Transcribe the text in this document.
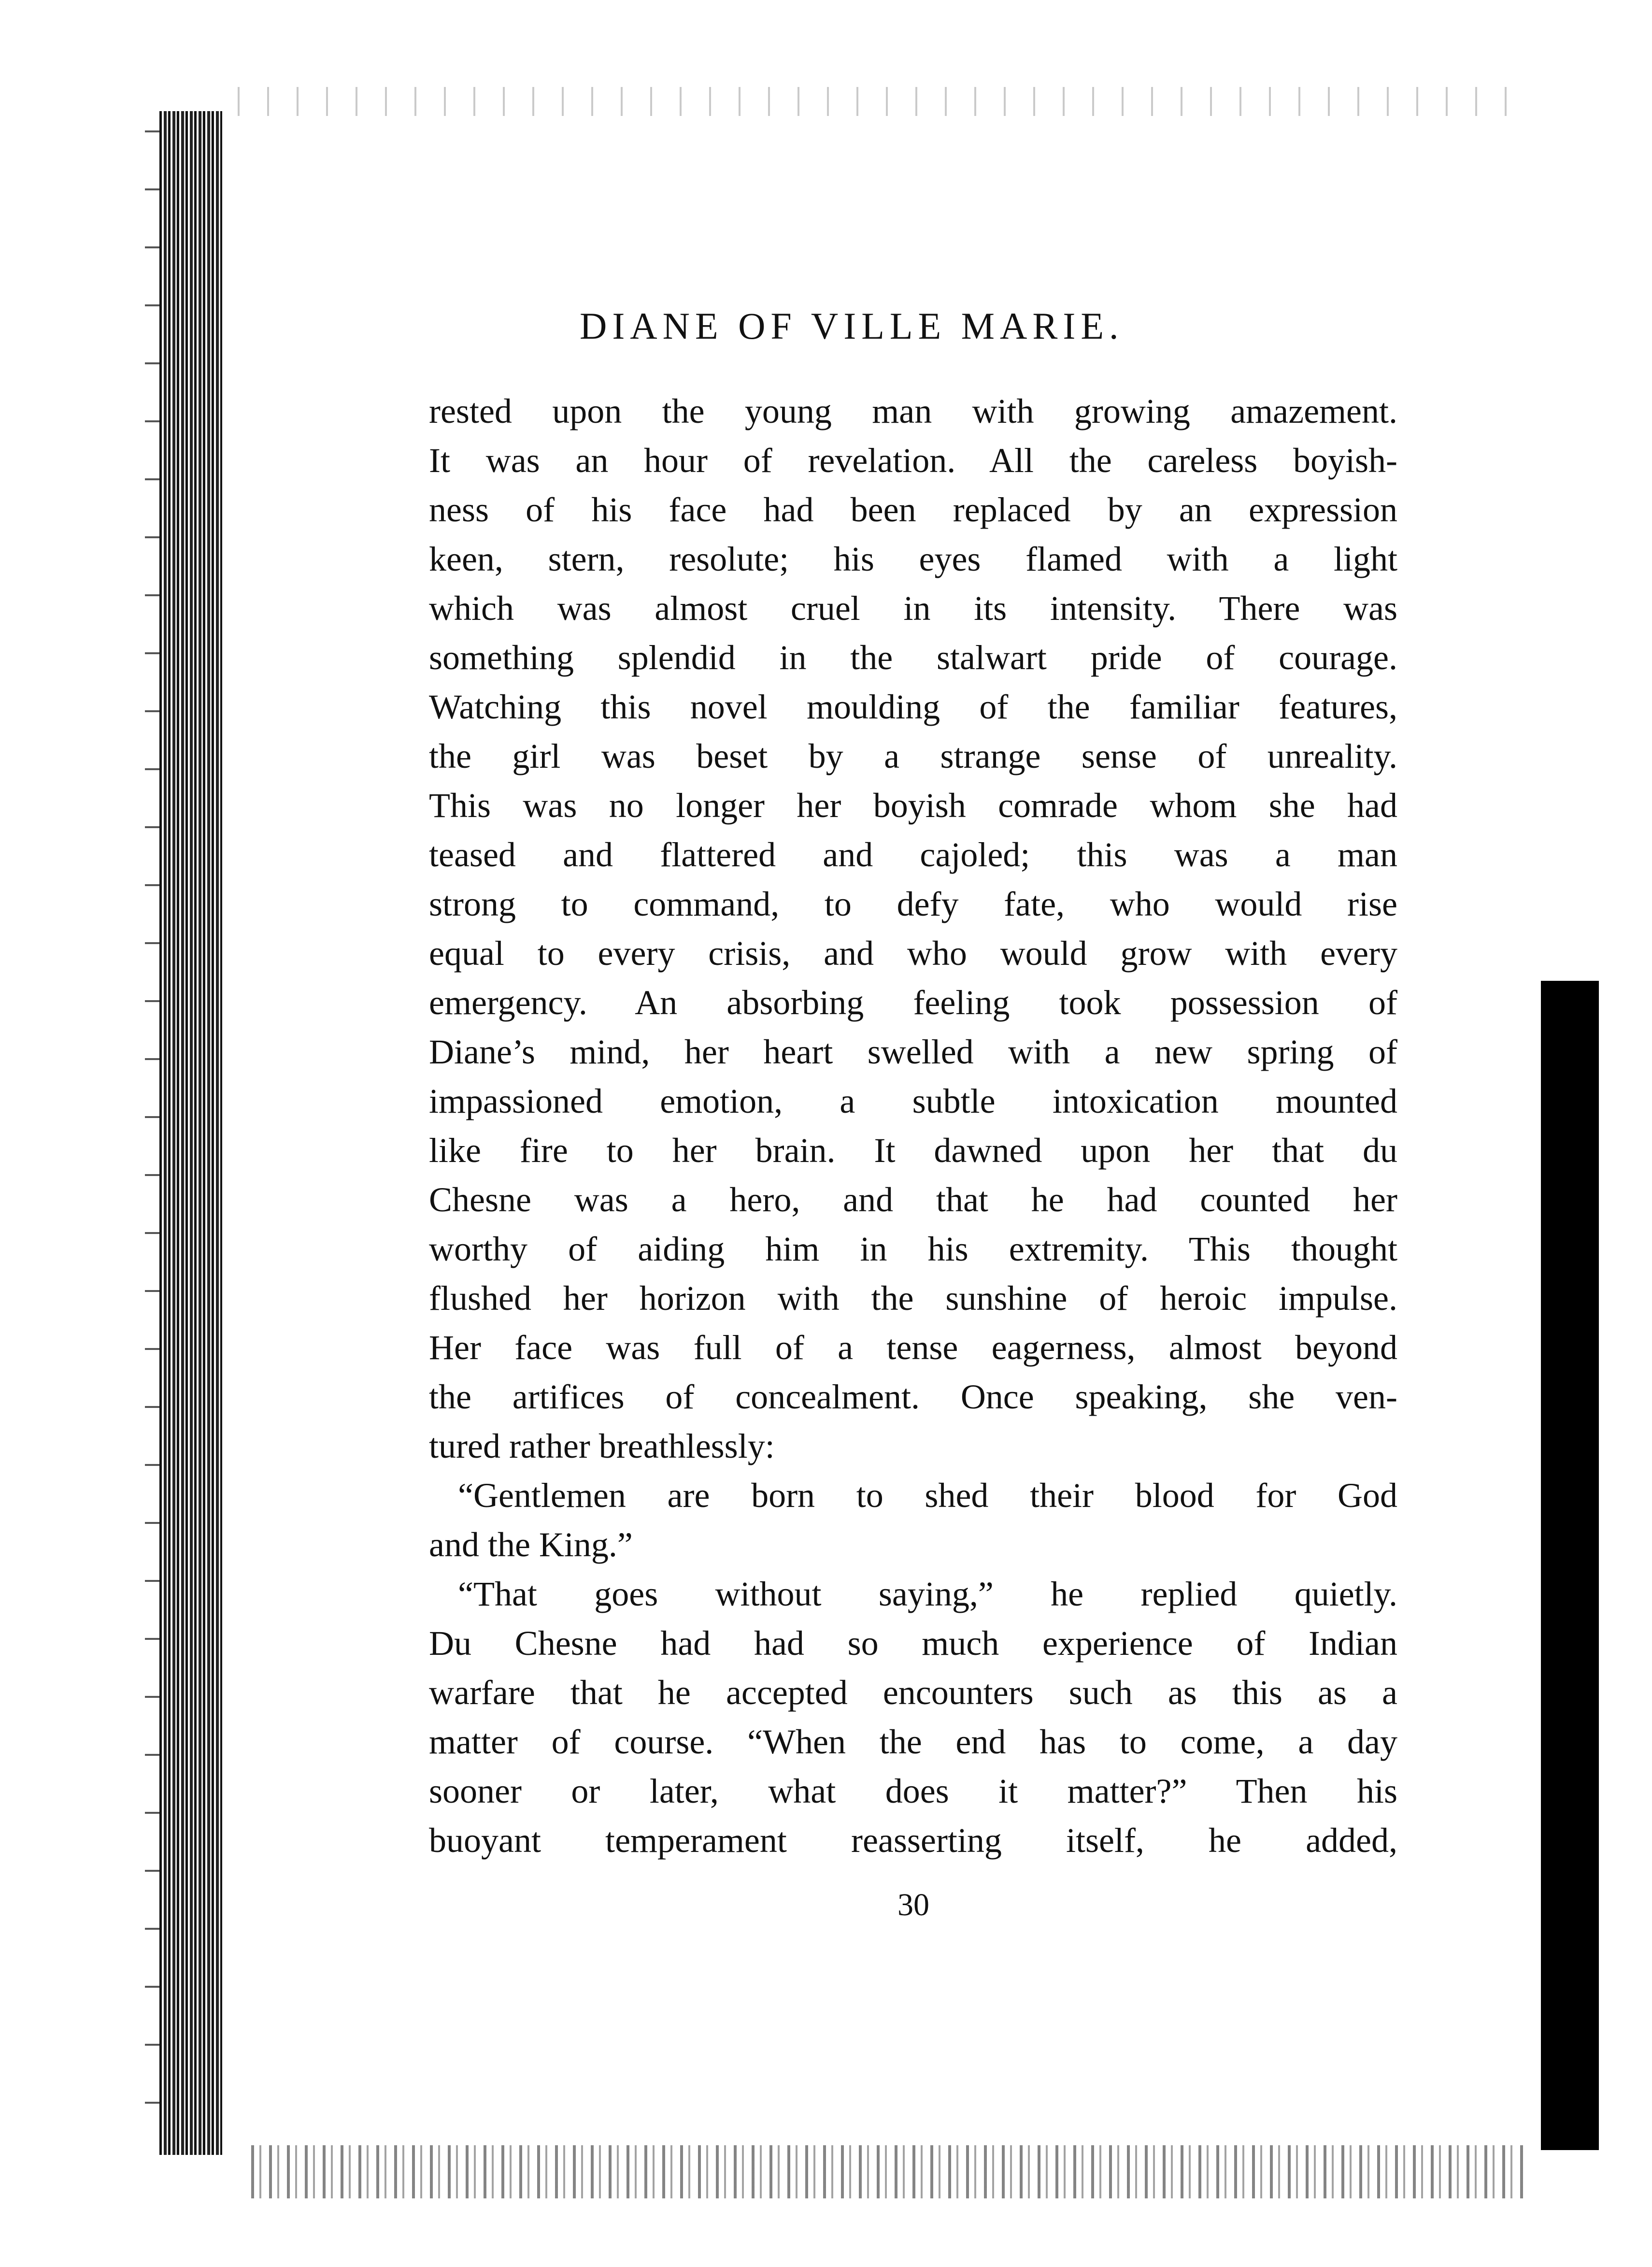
DIANE OF VILLE MARIE.
rested upon the young man with growing amazement.
It was an hour of revelation. All the careless boyish-
ness of his face had been replaced by an expression
keen, stern, resolute; his eyes flamed with a light
which was almost cruel in its intensity. There was
something splendid in the stalwart pride of courage.
Watching this novel moulding of the familiar features,
the girl was beset by a strange sense of unreality.
This was no longer her boyish comrade whom she had
teased and flattered and cajoled; this was a man
strong to command, to defy fate, who would rise
equal to every crisis, and who would grow with every
emergency. An absorbing feeling took possession of
Diane’s mind, her heart swelled with a new spring of
impassioned emotion, a subtle intoxication mounted
like fire to her brain. It dawned upon her that du
Chesne was a hero, and that he had counted her
worthy of aiding him in his extremity. This thought
flushed her horizon with the sunshine of heroic impulse.
Her face was full of a tense eagerness, almost beyond
the artifices of concealment. Once speaking, she ven-
tured rather breathlessly:
“Gentlemen are born to shed their blood for God
and the King.”
“That goes without saying,” he replied quietly.
Du Chesne had had so much experience of Indian
warfare that he accepted encounters such as this as a
matter of course. “When the end has to come, a day
sooner or later, what does it matter?” Then his
buoyant temperament reasserting itself, he added,
30
